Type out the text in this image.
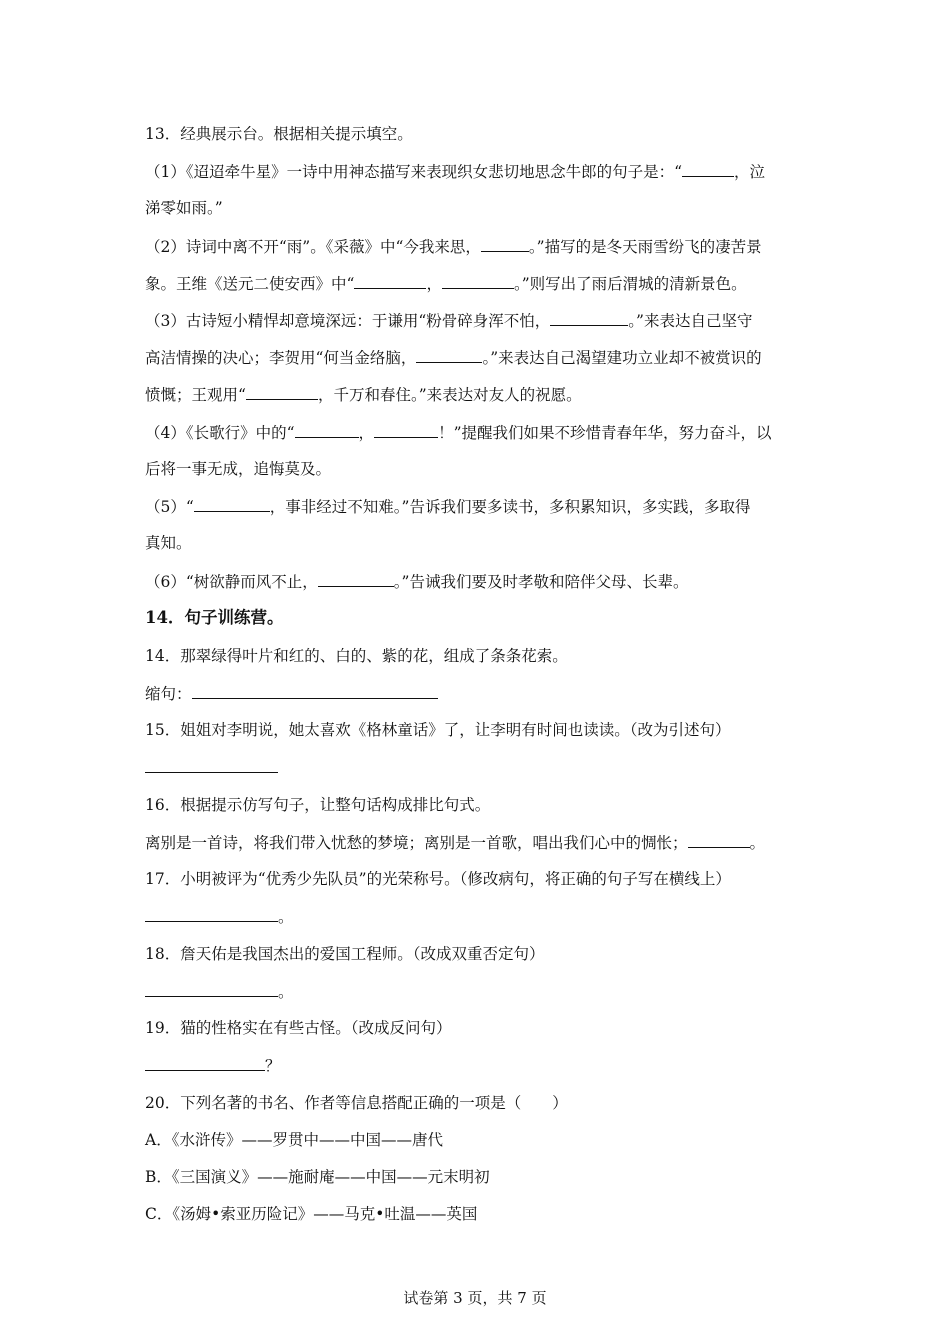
13．经典展示台。根据相关提示填空。
（1）《迢迢牵牛星》一诗中用神态描写来表现织女悲切地思念牛郎的句子是：“	，泣
涕零如雨。”
（2）诗词中离不开“雨”。《采薇》中“今我来思，	。”描写的是冬天雨雪纷飞的凄苦景
象。王维《送元二使安西》中“	，	。”则写出了雨后渭城的清新景色。
（3）古诗短小精悍却意境深远：于谦用“粉骨碎身浑不怕，	。”来表达自己坚守
高洁情操的决心；李贺用“何当金络脑，	。”来表达自己渴望建功立业却不被赏识的
愤慨；王观用“	，千万和春住。”来表达对友人的祝愿。
（4）《长歌行》中的“	，	！”提醒我们如果不珍惜青春年华，努力奋斗，以
后将一事无成，追悔莫及。
（5）“	，事非经过不知难。”告诉我们要多读书，多积累知识，多实践，多取得
真知。
（6）“树欲静而风不止，	。”告诫我们要及时孝敬和陪伴父母、长辈。
14．句子训练营。
14．那翠绿得叶片和红的、白的、紫的花，组成了条条花索。
缩句：
15．姐姐对李明说，她太喜欢《格林童话》了，让李明有时间也读读。（改为引述句）
16．根据提示仿写句子，让整句话构成排比句式。
离别是一首诗，将我们带入忧愁的梦境；离别是一首歌，唱出我们心中的惆怅；	。
17．小明被评为“优秀少先队员”的光荣称号。（修改病句，将正确的句子写在横线上）
。
18．詹天佑是我国杰出的爱国工程师。（改成双重否定句）
。
19．猫的性格实在有些古怪。（改成反问句）
？
20．下列名著的书名、作者等信息搭配正确的一项是（　　）
A．《水浒传》——罗贯中——中国——唐代
B．《三国演义》——施耐庵——中国——元末明初
C．《汤姆•索亚历险记》——马克•吐温——英国
试卷第 3 页，共 7 页
